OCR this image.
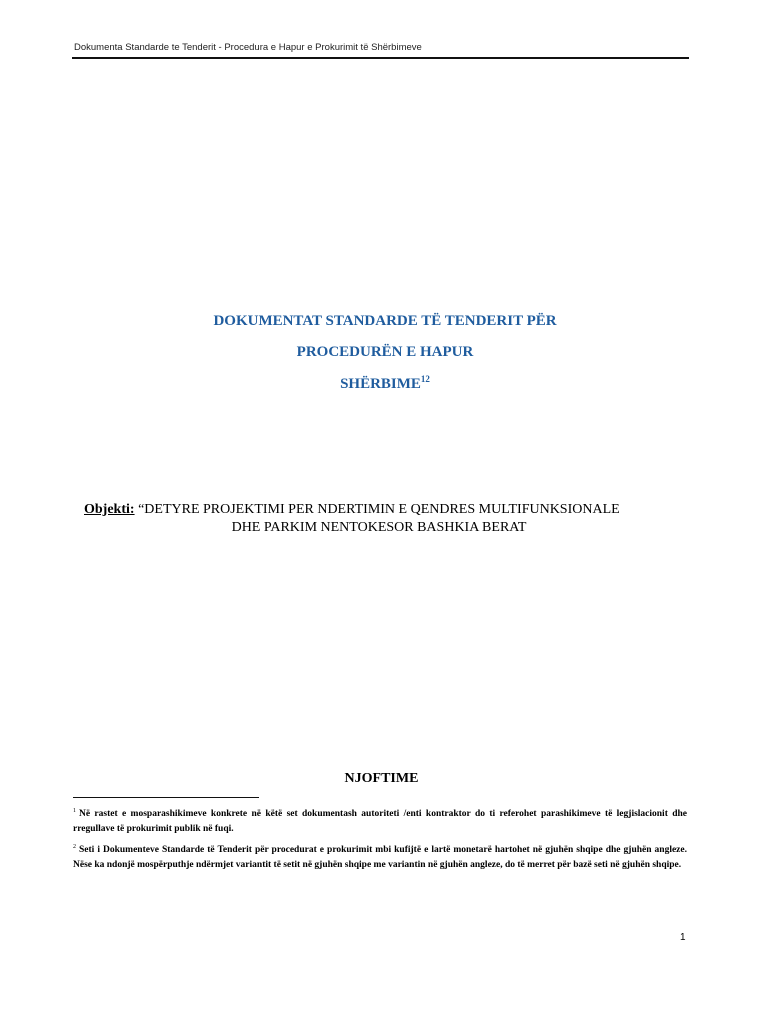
Dokumenta Standarde te Tenderit - Procedura e Hapur e Prokurimit të Shërbimeve
DOKUMENTAT STANDARDE TË TENDERIT PËR
PROCEDURËN E HAPUR
SHËRBIME$^{12}$
Objekti: “DETYRE PROJEKTIMI PER NDERTIMIN E QENDRES MULTIFUNKSIONALE
DHE PARKIM NENTOKESOR BASHKIA BERAT
NJOFTIME
$^1$ Në rastet e mosparashikimeve konkrete në këtë set dokumentash autoriteti /enti kontraktor do ti referohet parashikimeve të legjislacionit dhe rregullave të prokurimit publik në fuqi.
$^2$ Seti i Dokumenteve Standarde të Tenderit për procedurat e prokurimit mbi kufijtë e lartë monetarë hartohet në gjuhën shqipe dhe gjuhën angleze. Nëse ka ndonjë mospërputhje ndërmjet variantit të setit në gjuhën shqipe me variantin në gjuhën angleze, do të merret për bazë seti në gjuhën shqipe.
1
